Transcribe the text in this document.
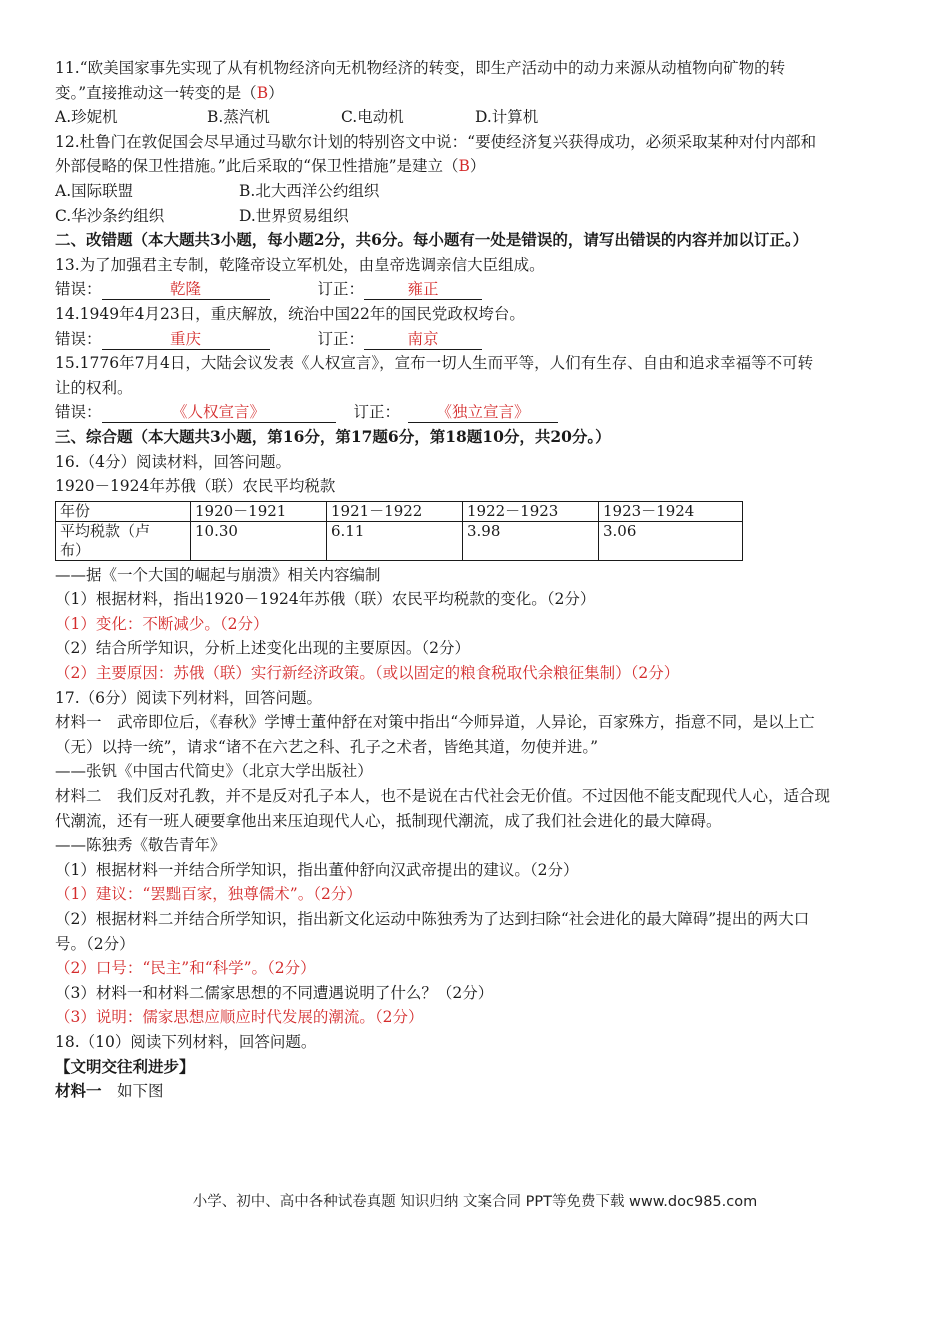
11.“欧美国家事先实现了从有机物经济向无机物经济的转变，即生产活动中的动力来源从动植物向矿物的转
变。”直接推动这一转变的是（B）
A.珍妮机	B.蒸汽机	C.电动机	D.计算机
12.杜鲁门在敦促国会尽早通过马歇尔计划的特别咨文中说：“要使经济复兴获得成功，必须采取某种对付内部和
外部侵略的保卫性措施。”此后采取的“保卫性措施”是建立（B）
A.国际联盟	B.北大西洋公约组织
C.华沙条约组织	D.世界贸易组织
二、改错题（本大题共3小题，每小题2分，共6分。每小题有一处是错误的，请写出错误的内容并加以订正。）
13.为了加强君主专制，乾隆帝设立军机处，由皇帝选调亲信大臣组成。
错误：	乾隆	订正：	雍正
14.1949年4月23日，重庆解放，统治中国22年的国民党政权垮台。
错误：	重庆	订正：	南京
15.1776年7月4日，大陆会议发表《人权宣言》，宣布一切人生而平等，人们有生存、自由和追求幸福等不可转
让的权利。
错误：	《人权宣言》	订正： 《独立宣言》
三、综合题（本大题共3小题，第16分，第17题6分，第18题10分，共20分。）
16.（4分）阅读材料，回答问题。
1920－1924年苏俄（联）农民平均税款
年份	1920－1921	1921－1922	1922－1923	1923－1924

平均税款（卢
布）	10.30	6.11	3.98	3.06
——据《一个大国的崛起与崩溃》相关内容编制
（1）根据材料，指出1920－1924年苏俄（联）农民平均税款的变化。（2分）
（1）变化：不断减少。（2分）
（2）结合所学知识，分析上述变化出现的主要原因。（2分）
（2）主要原因：苏俄（联）实行新经济政策。（或以固定的粮食税取代余粮征集制）（2分）
17.（6分）阅读下列材料，回答问题。
材料一　武帝即位后，《春秋》学博士董仲舒在对策中指出“今师异道，人异论，百家殊方，指意不同，是以上亡
（无）以持一统”，请求“诸不在六艺之科、孔子之术者，皆绝其道，勿使并进。”
——张钒《中国古代简史》（北京大学出版社）
材料二　我们反对孔教，并不是反对孔子本人，也不是说在古代社会无价值。不过因他不能支配现代人心，适合现
代潮流，还有一班人硬要拿他出来压迫现代人心，抵制现代潮流，成了我们社会进化的最大障碍。
——陈独秀《敬告青年》
（1）根据材料一并结合所学知识，指出董仲舒向汉武帝提出的建议。（2分）
（1）建议：“罢黜百家，独尊儒术”。（2分）
（2）根据材料二并结合所学知识，指出新文化运动中陈独秀为了达到扫除“社会进化的最大障碍”提出的两大口
号。（2分）
（2）口号：“民主”和“科学”。（2分）
（3）材料一和材料二儒家思想的不同遭遇说明了什么？（2分）
（3）说明：儒家思想应顺应时代发展的潮流。（2分）
18.（10）阅读下列材料，回答问题。
【文明交往利进步】
材料一　如下图
小学、初中、高中各种试卷真题 知识归纳 文案合同 PPT等免费下载 www.doc985.com
